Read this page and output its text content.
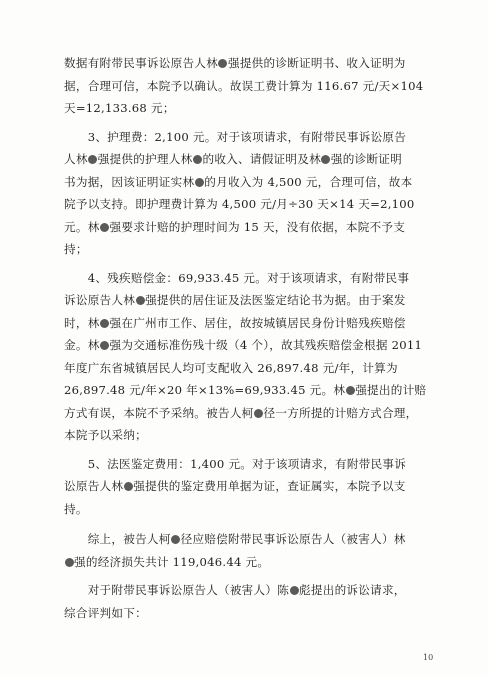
数据有附带民事诉讼原告人林 强提供的诊断证明书、收入证明为
据，合理可信，本院予以确认。故误工费计算为 116.67 元/天×104
天=12,133.68 元；
　　3、护理费：2,100 元。对于该项请求，有附带民事诉讼原告
人林 强提供的护理人林 的收入、请假证明及林 强的诊断证明
书为据，因该证明证实林 的月收入为 4,500 元，合理可信，故本
院予以支持。即护理费计算为 4,500 元/月÷30 天×14 天=2,100
元。林 强要求计赔的护理时间为 15 天，没有依据，本院不予支
持；
　　4、残疾赔偿金：69,933.45 元。对于该项请求，有附带民事
诉讼原告人林 强提供的居住证及法医鉴定结论书为据。由于案发
时，林 强在广州市工作、居住，故按城镇居民身份计赔残疾赔偿
金。林 强为交通标准伤残十级（4 个），故其残疾赔偿金根据 2011
年度广东省城镇居民人均可支配收入 26,897.48 元/年，计算为
26,897.48 元/年×20 年×13%=69,933.45 元。林 强提出的计赔
方式有误，本院不予采纳。被告人柯 径一方所提的计赔方式合理，
本院予以采纳；
　　5、法医鉴定费用：1,400 元。对于该项请求，有附带民事诉
讼原告人林 强提供的鉴定费用单据为证，查证属实，本院予以支
持。
　　综上，被告人柯 径应赔偿附带民事诉讼原告人（被害人）林
强的经济损失共计 119,046.44 元。
　　对于附带民事诉讼原告人（被害人）陈 彪提出的诉讼请求，
综合评判如下：
10
